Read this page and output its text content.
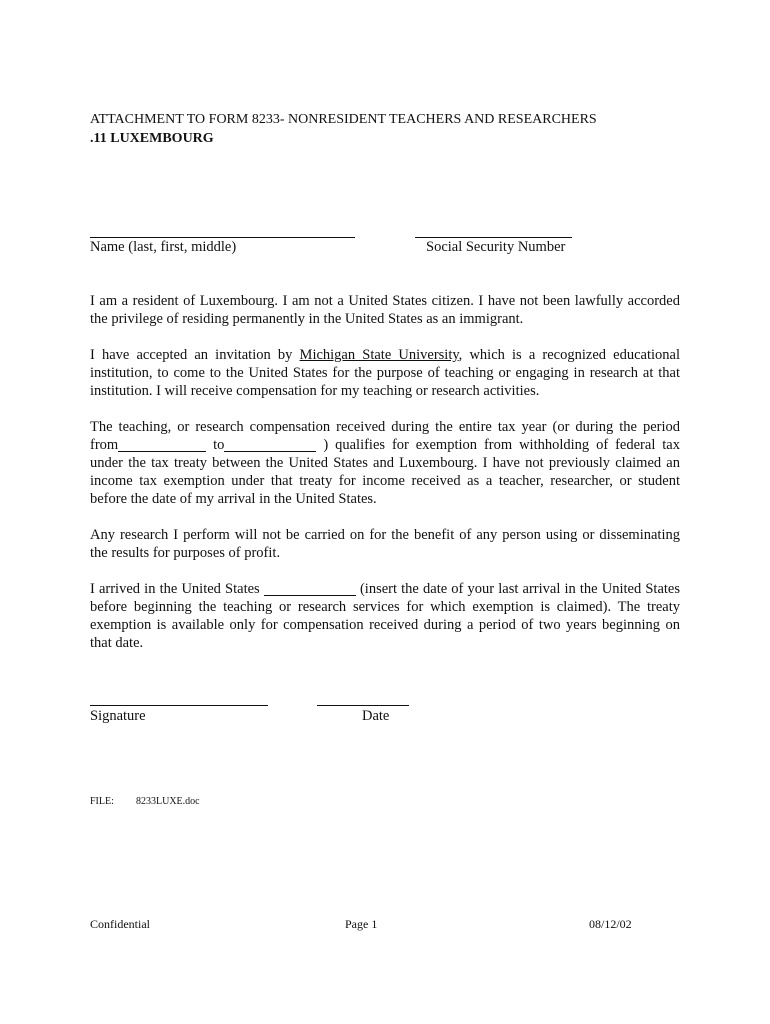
ATTACHMENT TO FORM 8233- NONRESIDENT TEACHERS AND RESEARCHERS
.11 LUXEMBOURG
Name (last, first, middle)	Social Security Number
I am a resident of Luxembourg. I am not a United States citizen. I have not been lawfully accorded
the privilege of residing permanently in the United States as an immigrant.
I have accepted an invitation by Michigan State University, which is a recognized educational
institution, to come to the United States for the purpose of teaching or engaging in research at that
institution. I will receive compensation for my teaching or research activities.
The teaching, or research compensation received during the entire tax year (or during the period
from	to	) qualifies for exemption from withholding of federal tax
under the tax treaty between the United States and Luxembourg. I have not previously claimed an
income tax exemption under that treaty for income received as a teacher, researcher, or student
before the date of my arrival in the United States.
Any research I perform will not be carried on for the benefit of any person using or disseminating
the results for purposes of profit.
I arrived in the United States	(insert the date of your last arrival in the United States
before beginning the teaching or research services for which exemption is claimed). The treaty
exemption is available only for compensation received during a period of two years beginning on
that date.
Signature	Date
FILE: 8233LUXE.doc
Confidential	Page 1	08/12/02
